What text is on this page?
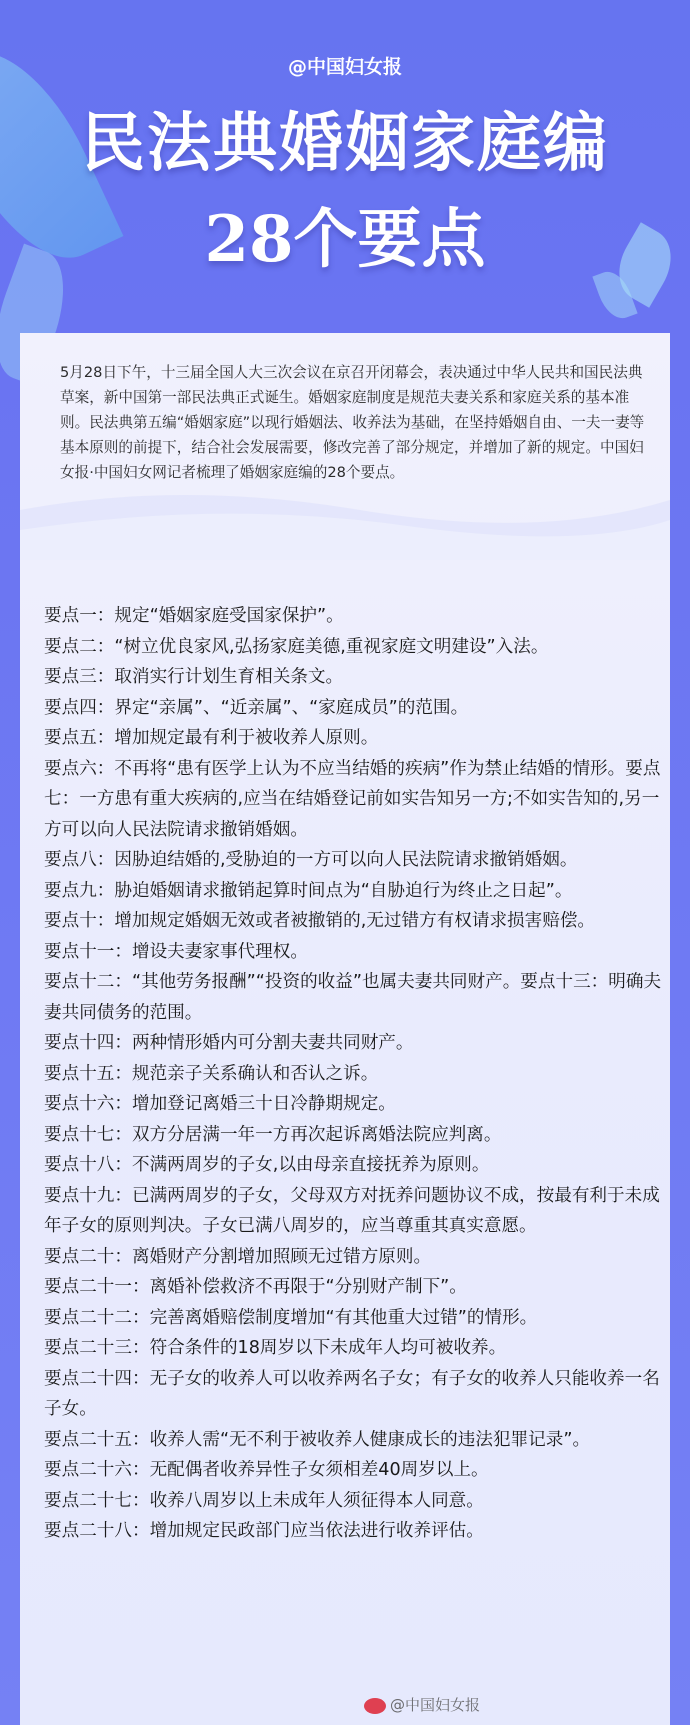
@中国妇女报
民法典婚姻家庭编
28个要点
5月28日下午，十三届全国人大三次会议在京召开闭幕会，表决通过中华人民共和国民法典草案，新中国第一部民法典正式诞生。婚姻家庭制度是规范夫妻关系和家庭关系的基本准则。民法典第五编“婚姻家庭”以现行婚姻法、收养法为基础，在坚持婚姻自由、一夫一妻等基本原则的前提下，结合社会发展需要，修改完善了部分规定，并增加了新的规定。中国妇女报·中国妇女网记者梳理了婚姻家庭编的28个要点。

要点一：规定“婚姻家庭受国家保护”。

要点二：“树立优良家风,弘扬家庭美德,重视家庭文明建设”入法。

要点三：取消实行计划生育相关条文。

要点四：界定“亲属”、“近亲属”、“家庭成员”的范围。

要点五：增加规定最有利于被收养人原则。

要点六：不再将“患有医学上认为不应当结婚的疾病”作为禁止结婚的情形。要点七：一方患有重大疾病的,应当在结婚登记前如实告知另一方;不如实告知的,另一方可以向人民法院请求撤销婚姻。

要点八：因胁迫结婚的,受胁迫的一方可以向人民法院请求撤销婚姻。

要点九：胁迫婚姻请求撤销起算时间点为“自胁迫行为终止之日起”。

要点十：增加规定婚姻无效或者被撤销的,无过错方有权请求损害赔偿。

要点十一：增设夫妻家事代理权。

要点十二：“其他劳务报酬”“投资的收益”也属夫妻共同财产。要点十三：明确夫妻共同债务的范围。

要点十四：两种情形婚内可分割夫妻共同财产。

要点十五：规范亲子关系确认和否认之诉。

要点十六：增加登记离婚三十日冷静期规定。

要点十七：双方分居满一年一方再次起诉离婚法院应判离。

要点十八：不满两周岁的子女,以由母亲直接抚养为原则。

要点十九：已满两周岁的子女，父母双方对抚养问题协议不成，按最有利于未成年子女的原则判决。子女已满八周岁的，应当尊重其真实意愿。

要点二十：离婚财产分割增加照顾无过错方原则。

要点二十一：离婚补偿救济不再限于“分别财产制下”。

要点二十二：完善离婚赔偿制度增加“有其他重大过错”的情形。

要点二十三：符合条件的18周岁以下未成年人均可被收养。

要点二十四：无子女的收养人可以收养两名子女；有子女的收养人只能收养一名子女。

要点二十五：收养人需“无不利于被收养人健康成长的违法犯罪记录”。

要点二十六：无配偶者收养异性子女须相差40周岁以上。

要点二十七：收养八周岁以上未成年人须征得本人同意。

要点二十八：增加规定民政部门应当依法进行收养评估。

@中国妇女报
